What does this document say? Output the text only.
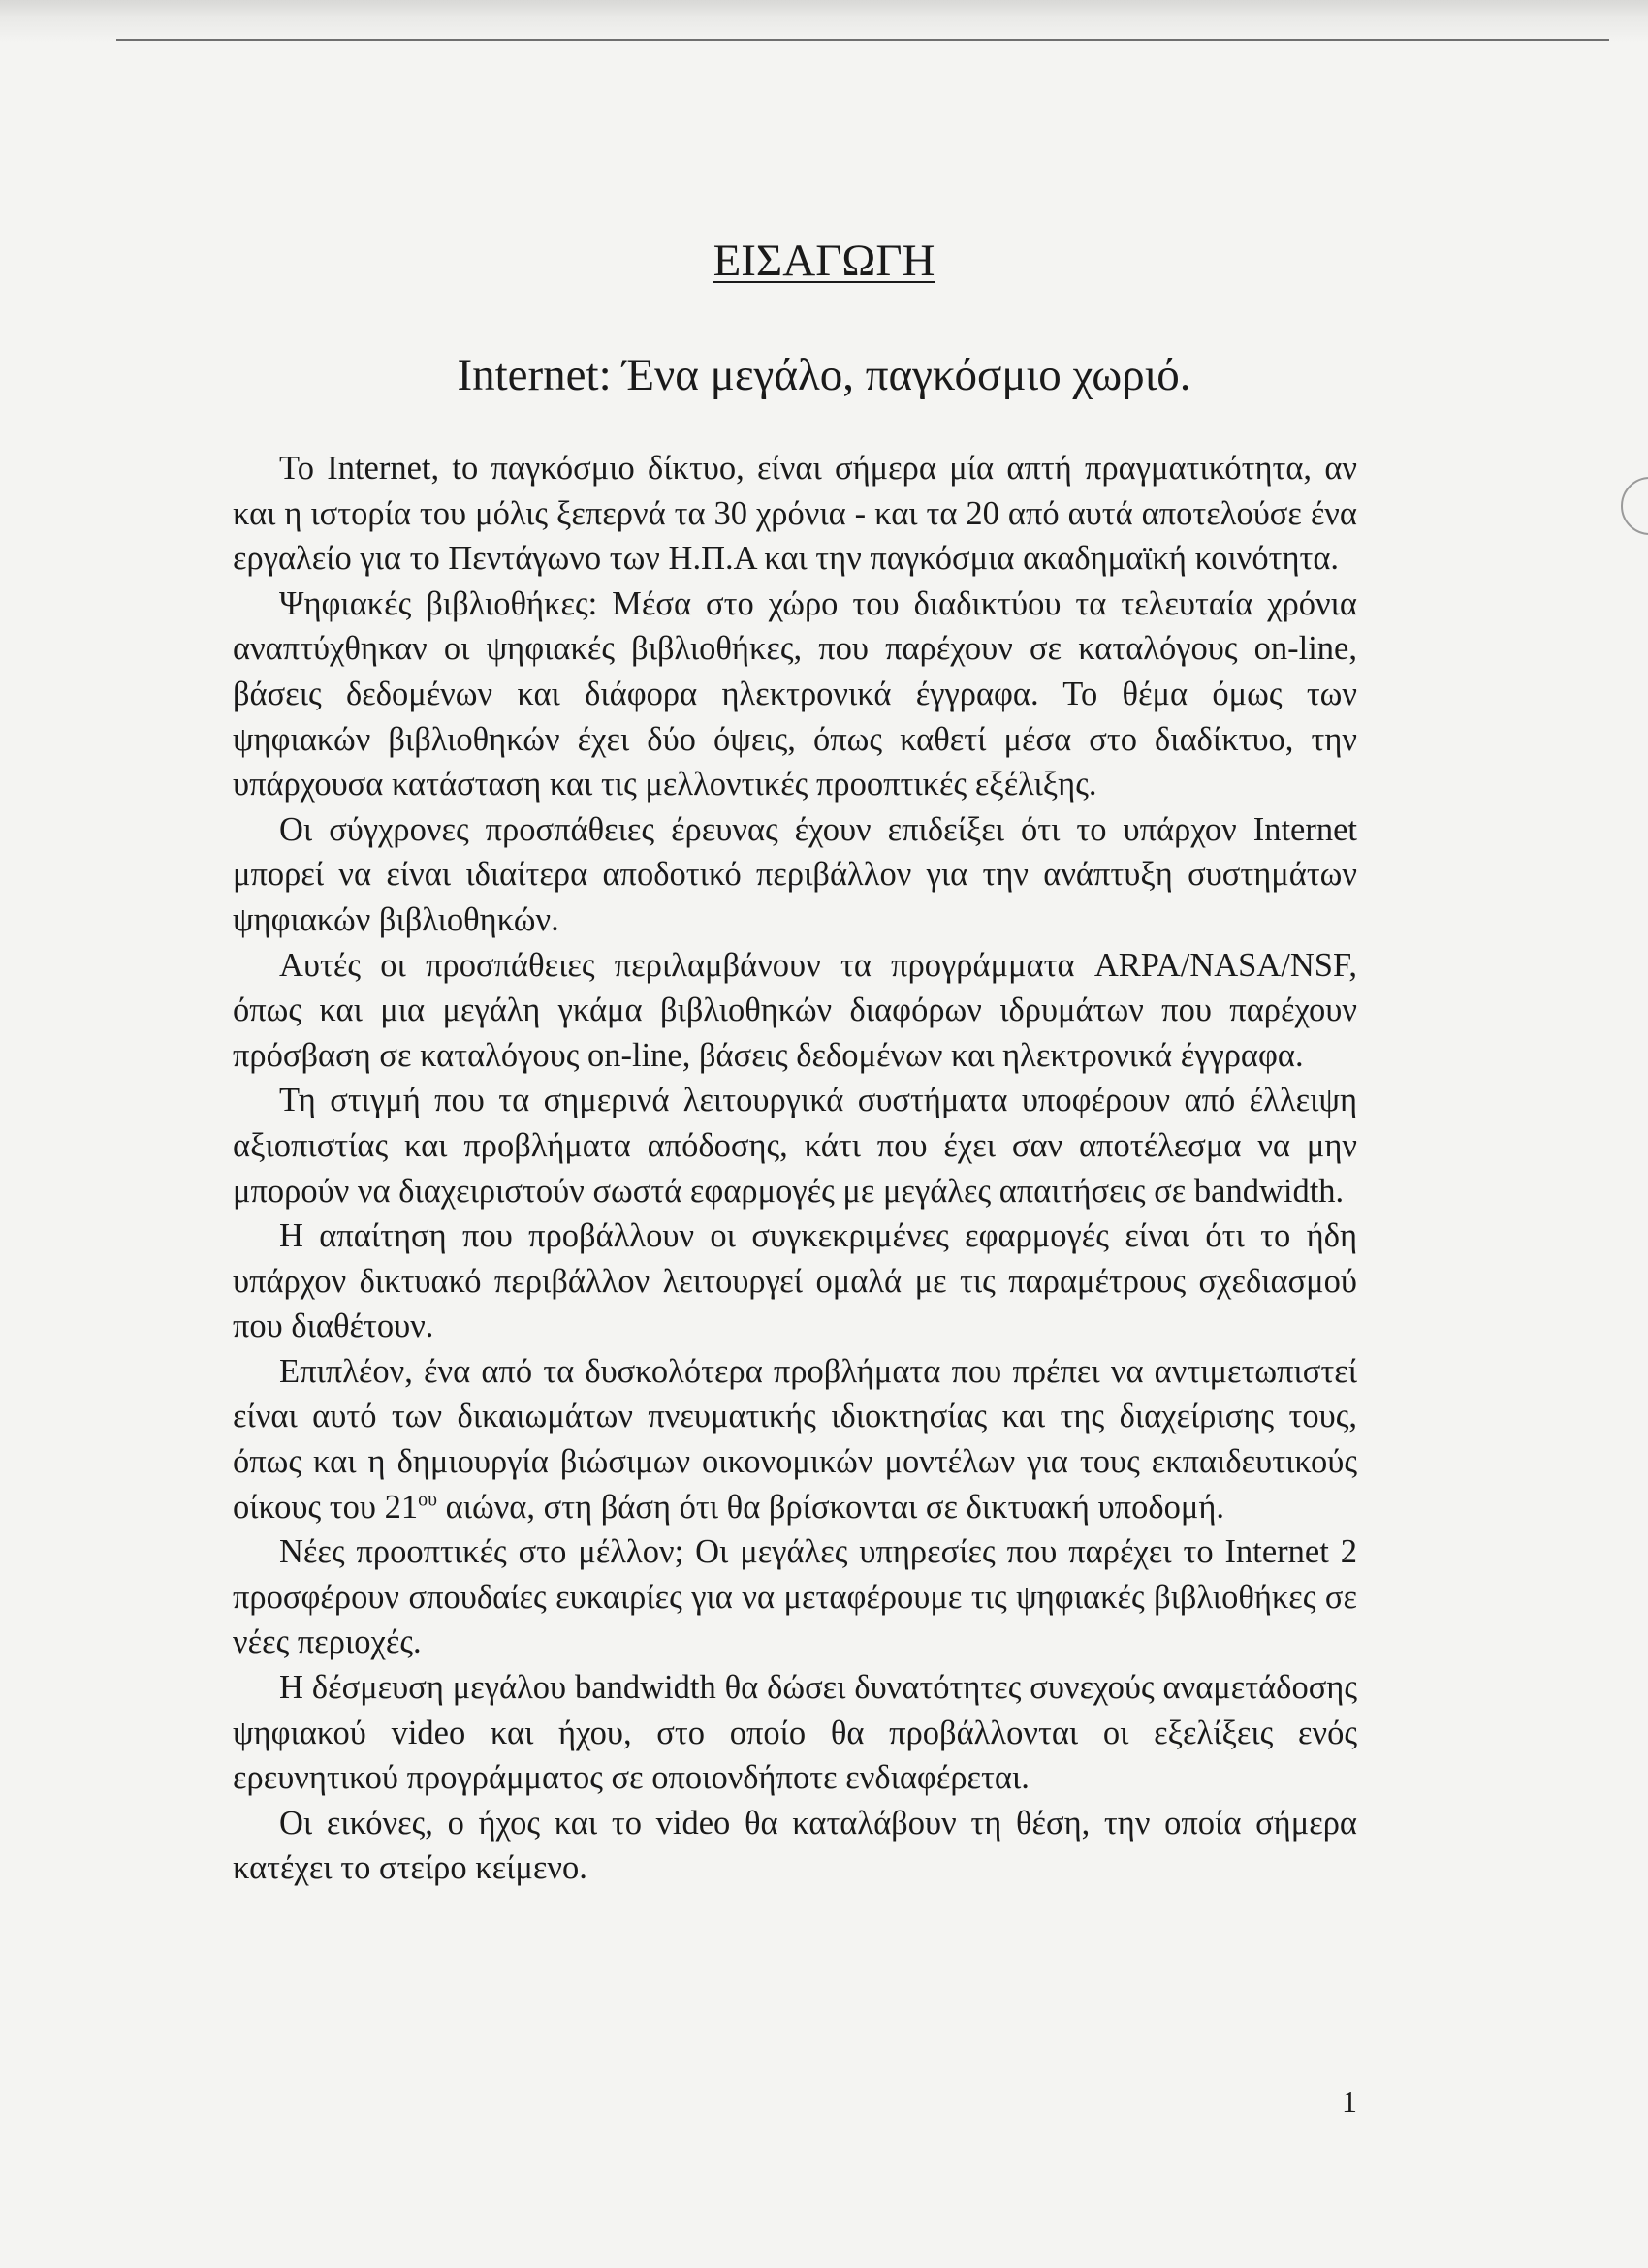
ΕΙΣΑΓΩΓΗ
Internet: Ένα μεγάλο, παγκόσμιο χωριό.

Το Internet, to παγκόσμιο δίκτυο, είναι σήμερα μία απτή πραγματικότητα, αν και η ιστορία του μόλις ξεπερνά τα 30 χρόνια - και τα 20 από αυτά αποτελούσε ένα εργαλείο για το Πεντάγωνο των Η.Π.Α και την παγκόσμια ακαδημαϊκή κοινότητα.

Ψηφιακές βιβλιοθήκες: Μέσα στο χώρο του διαδικτύου τα τελευταία χρόνια αναπτύχθηκαν οι ψηφιακές βιβλιοθήκες, που παρέχουν σε καταλόγους on-line, βάσεις δεδομένων και διάφορα ηλεκτρονικά έγγραφα. Το θέμα όμως των ψηφιακών βιβλιοθηκών έχει δύο όψεις, όπως καθετί μέσα στο διαδίκτυο, την υπάρχουσα κατάσταση και τις μελλοντικές προοπτικές εξέλιξης.

Οι σύγχρονες προσπάθειες έρευνας έχουν επιδείξει ότι το υπάρχον Internet μπορεί να είναι ιδιαίτερα αποδοτικό περιβάλλον για την ανάπτυξη συστημάτων ψηφιακών βιβλιοθηκών.

Αυτές οι προσπάθειες περιλαμβάνουν τα προγράμματα ARPA/NASA/NSF, όπως και μια μεγάλη γκάμα βιβλιοθηκών διαφόρων ιδρυμάτων που παρέχουν πρόσβαση σε καταλόγους on-line, βάσεις δεδομένων και ηλεκτρονικά έγγραφα.

Τη στιγμή που τα σημερινά λειτουργικά συστήματα υποφέρουν από έλλειψη αξιοπιστίας και προβλήματα απόδοσης, κάτι που έχει σαν αποτέλεσμα να μην μπορούν να διαχειριστούν σωστά εφαρμογές με μεγάλες απαιτήσεις σε bandwidth.

Η απαίτηση που προβάλλουν οι συγκεκριμένες εφαρμογές είναι ότι το ήδη υπάρχον δικτυακό περιβάλλον λειτουργεί ομαλά με τις παραμέτρους σχεδιασμού που διαθέτουν.

Επιπλέον, ένα από τα δυσκολότερα προβλήματα που πρέπει να αντιμετωπιστεί είναι αυτό των δικαιωμάτων πνευματικής ιδιοκτησίας και της διαχείρισης τους, όπως και η δημιουργία βιώσιμων οικονομικών μοντέλων για τους εκπαιδευτικούς οίκους του $21^{o\upsilon}$ αιώνα, στη βάση ότι θα βρίσκονται σε δικτυακή υποδομή.

Νέες προοπτικές στο μέλλον; Οι μεγάλες υπηρεσίες που παρέχει το Internet 2 προσφέρουν σπουδαίες ευκαιρίες για να μεταφέρουμε τις ψηφιακές βιβλιοθήκες σε νέες περιοχές.

Η δέσμευση μεγάλου bandwidth θα δώσει δυνατότητες συνεχούς αναμετάδοσης ψηφιακού video και ήχου, στο οποίο θα προβάλλονται οι εξελίξεις ενός ερευνητικού προγράμματος σε οποιονδήποτε ενδιαφέρεται.

Οι εικόνες, ο ήχος και το video θα καταλάβουν τη θέση, την οποία σήμερα κατέχει το στείρο κείμενο.

1
